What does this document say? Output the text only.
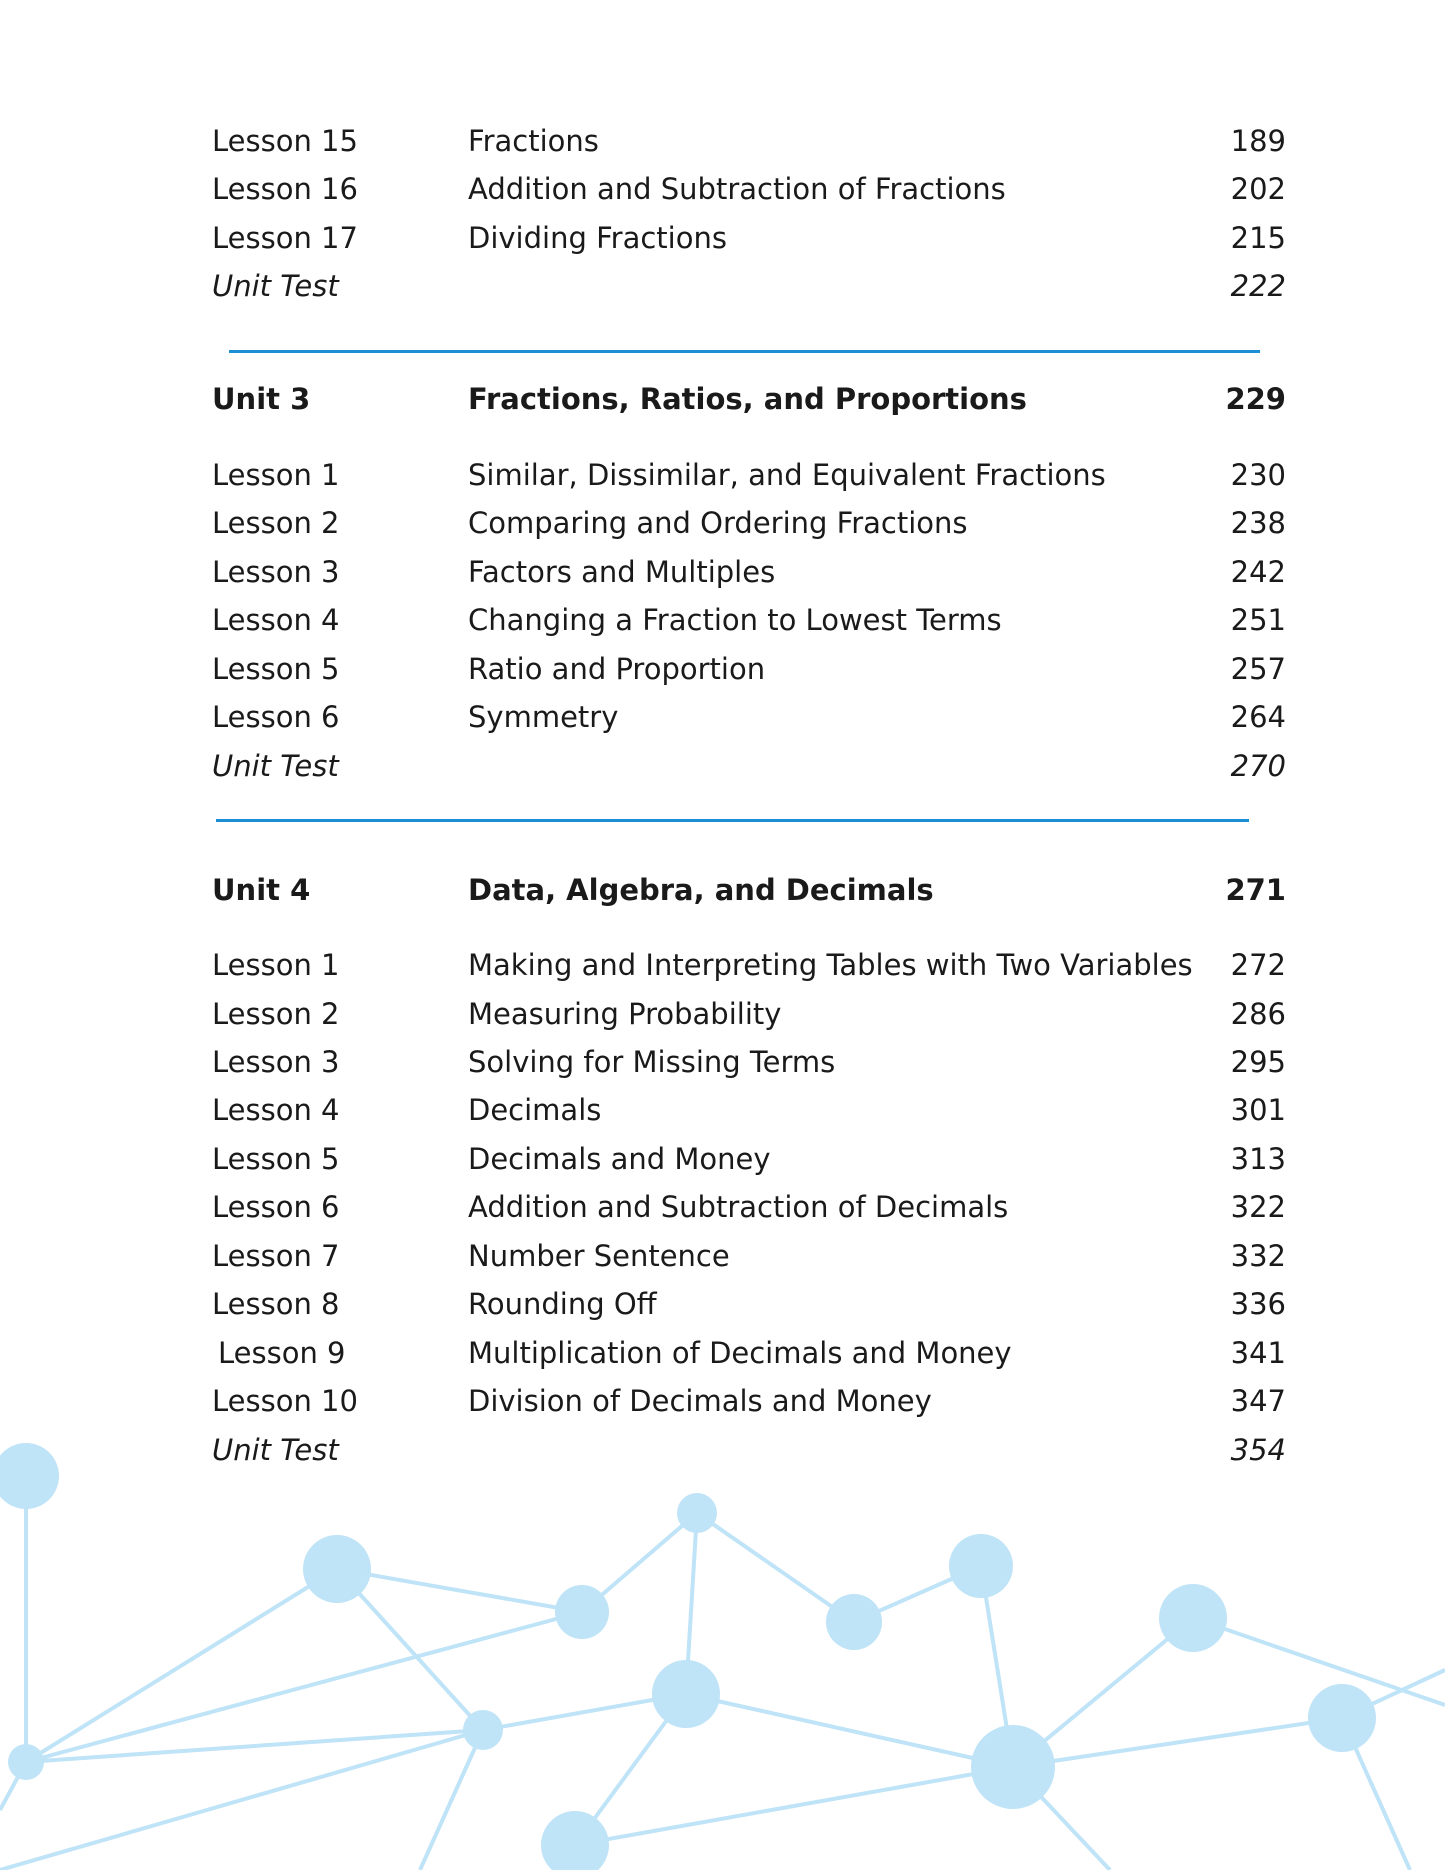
Lesson 15	Fractions	189
Lesson 16	Addition and Subtraction of Fractions	202
Lesson 17	Dividing Fractions	215
Unit Test	222
Unit 3	Fractions, Ratios, and Proportions	229
Lesson 1	Similar, Dissimilar, and Equivalent Fractions	230
Lesson 2	Comparing and Ordering Fractions	238
Lesson 3	Factors and Multiples	242
Lesson 4	Changing a Fraction to Lowest Terms	251
Lesson 5	Ratio and Proportion	257
Lesson 6	Symmetry	264
Unit Test	270
Unit 4	Data, Algebra, and Decimals	271
Lesson 1	Making and Interpreting Tables with Two Variables 272
Lesson 2	Measuring Probability	286
Lesson 3	Solving for Missing Terms	295
Lesson 4	Decimals	301
Lesson 5	Decimals and Money	313
Lesson 6	Addition and Subtraction of Decimals	322
Lesson 7	Number Sentence	332
Lesson 8	Rounding Off	336
Lesson 9	Multiplication of Decimals and Money	341
Lesson 10	Division of Decimals and Money	347
Unit Test	354
